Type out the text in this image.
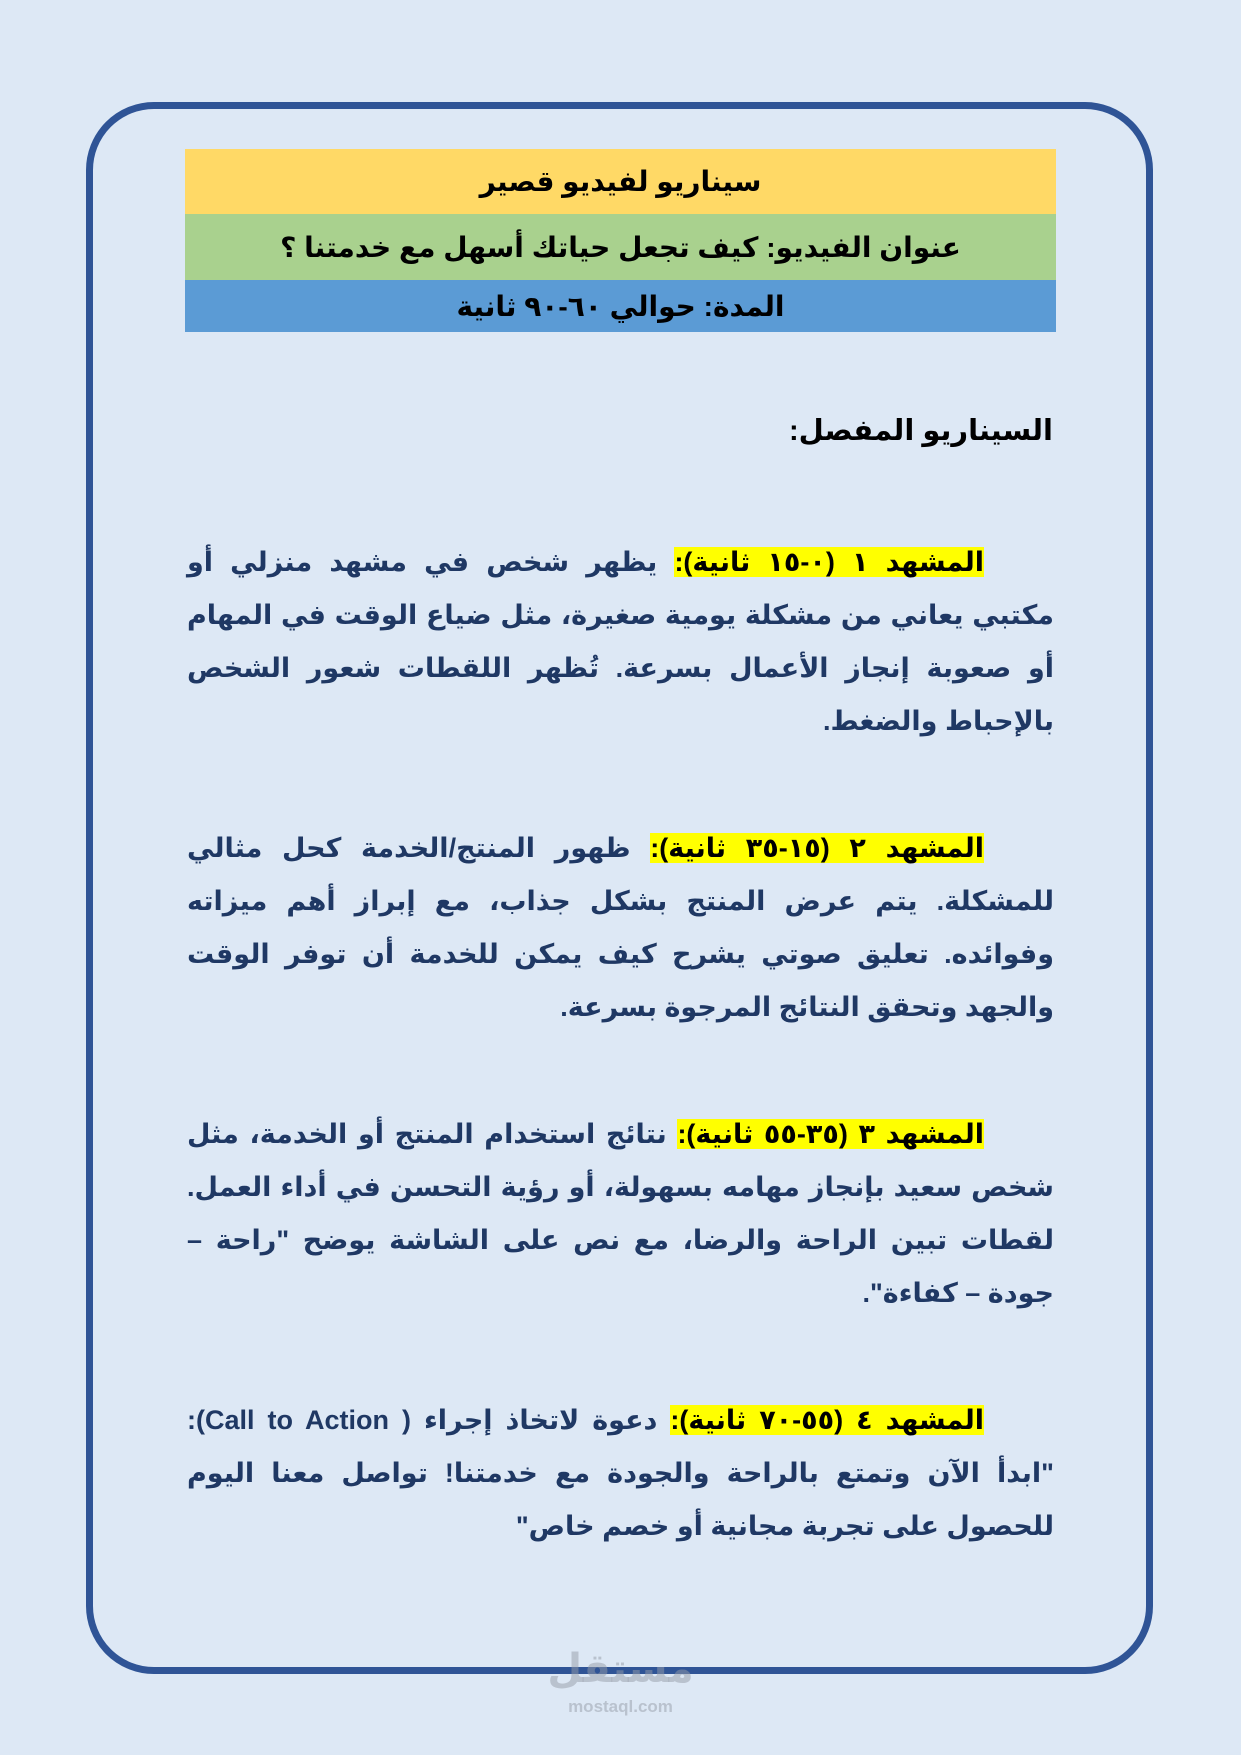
سيناريو لفيديو قصير
عنوان الفيديو: كيف تجعل حياتك أسهل مع خدمتنا ؟
المدة: حوالي ٦٠-٩٠ ثانية
السيناريو المفصل:

المشهد ١ (٠-١٥ ثانية): يظهر شخص في مشهد منزلي أو مكتبي يعاني من مشكلة يومية صغيرة، مثل ضياع الوقت في المهام أو صعوبة إنجاز الأعمال بسرعة. تُظهر اللقطات شعور الشخص بالإحباط والضغط.

المشهد ٢ (١٥-٣٥ ثانية): ظهور المنتج/الخدمة كحل مثالي للمشكلة. يتم عرض المنتج بشكل جذاب، مع إبراز أهم ميزاته وفوائده. تعليق صوتي يشرح كيف يمكن للخدمة أن توفر الوقت والجهد وتحقق النتائج المرجوة بسرعة.

المشهد ٣ (٣٥-٥٥ ثانية): نتائج استخدام المنتج أو الخدمة، مثل شخص سعيد بإنجاز مهامه بسهولة، أو رؤية التحسن في أداء العمل. لقطات تبين الراحة والرضا، مع نص على الشاشة يوضح "راحة – جودة – كفاءة".

المشهد ٤ (٥٥-٧٠ ثانية): دعوة لاتخاذ إجراء ( Call to Action): "ابدأ الآن وتمتع بالراحة والجودة مع خدمتنا! تواصل معنا اليوم للحصول على تجربة مجانية أو خصم خاص"

مستقل
mostaql.com
